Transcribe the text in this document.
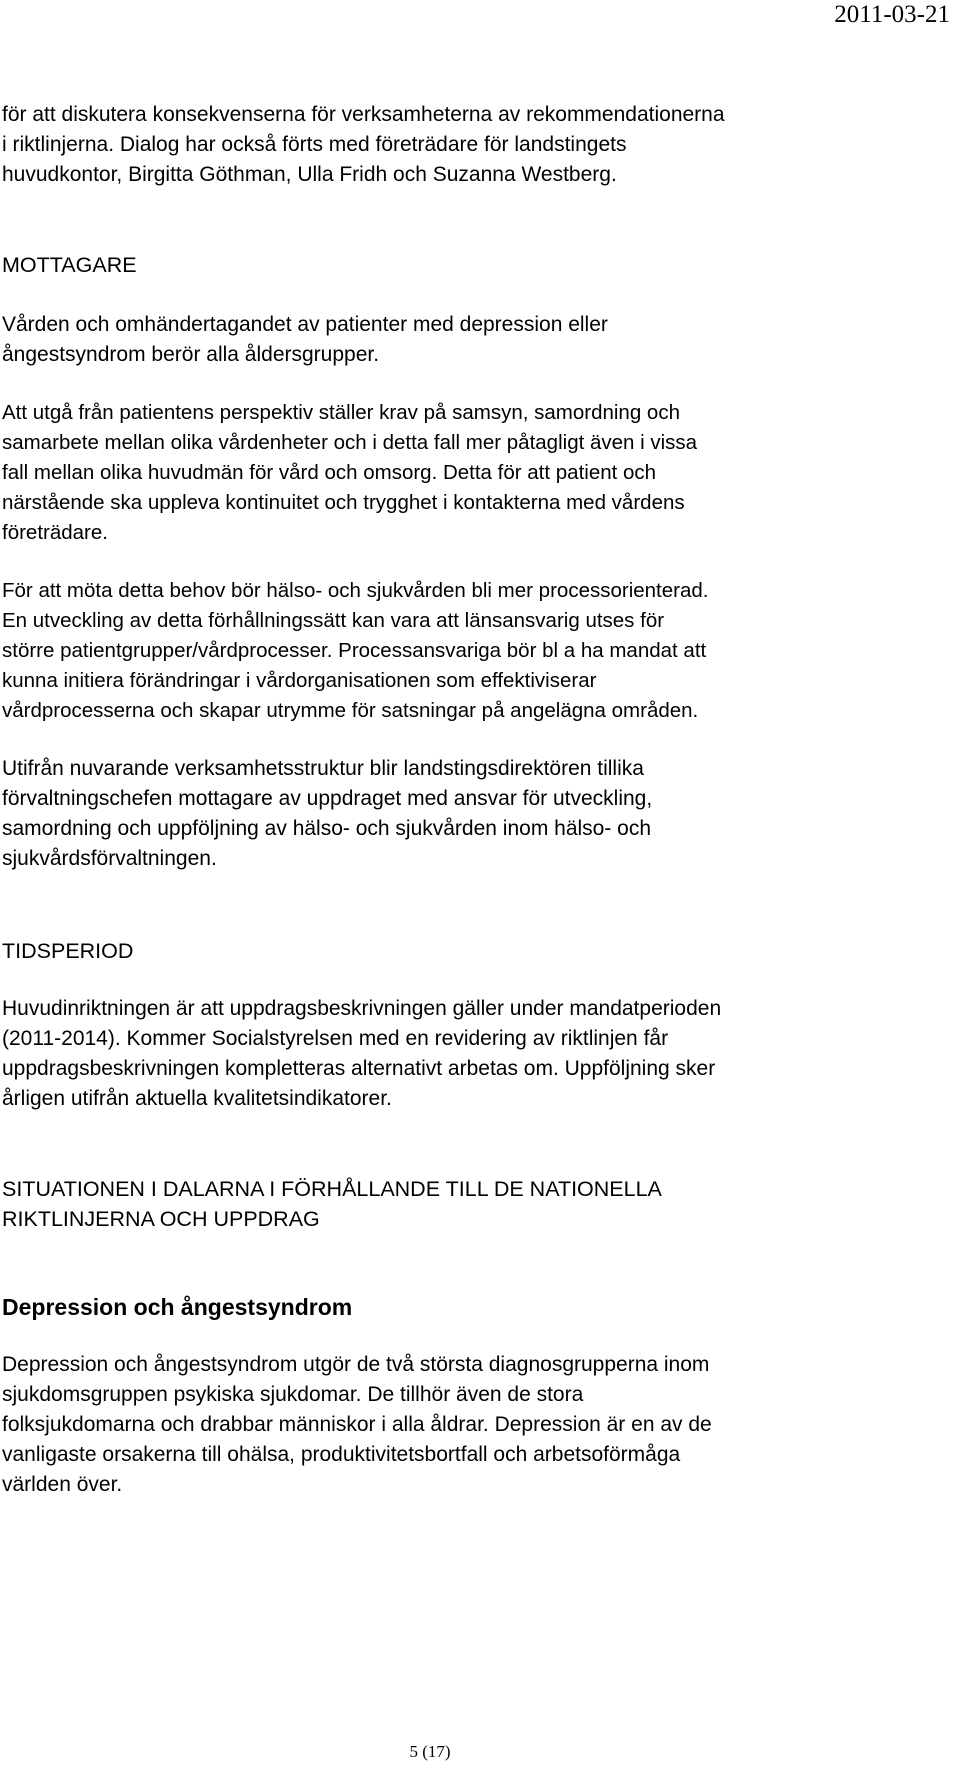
2011-03-21

för att diskutera konsekvenserna för verksamheterna av rekommendationerna
i riktlinjerna. Dialog har också förts med företrädare för landstingets
huvudkontor, Birgitta Göthman, Ulla Fridh och Suzanna Westberg.

MOTTAGARE

Vården och omhändertagandet av patienter med depression eller
ångestsyndrom berör alla åldersgrupper.

Att utgå från patientens perspektiv ställer krav på samsyn, samordning och
samarbete mellan olika vårdenheter och i detta fall mer påtagligt även i vissa
fall mellan olika huvudmän för vård och omsorg. Detta för att patient och
närstående ska uppleva kontinuitet och trygghet i kontakterna med vårdens
företrädare.

För att möta detta behov bör hälso- och sjukvården bli mer processorienterad.
En utveckling av detta förhållningssätt kan vara att länsansvarig utses för
större patientgrupper/vårdprocesser. Processansvariga bör bl a ha mandat att
kunna initiera förändringar i vårdorganisationen som effektiviserar
vårdprocesserna och skapar utrymme för satsningar på angelägna områden.

Utifrån nuvarande verksamhetsstruktur blir landstingsdirektören tillika
förvaltningschefen mottagare av uppdraget med ansvar för utveckling,
samordning och uppföljning av hälso- och sjukvården inom hälso- och
sjukvårdsförvaltningen.

TIDSPERIOD

Huvudinriktningen är att uppdragsbeskrivningen gäller under mandatperioden
(2011-2014). Kommer Socialstyrelsen med en revidering av riktlinjen får
uppdragsbeskrivningen kompletteras alternativt arbetas om. Uppföljning sker
årligen utifrån aktuella kvalitetsindikatorer.

SITUATIONEN I DALARNA I FÖRHÅLLANDE TILL DE NATIONELLA
RIKTLINJERNA OCH UPPDRAG

Depression och ångestsyndrom

Depression och ångestsyndrom utgör de två största diagnosgrupperna inom
sjukdomsgruppen psykiska sjukdomar. De tillhör även de stora
folksjukdomarna och drabbar människor i alla åldrar. Depression är en av de
vanligaste orsakerna till ohälsa, produktivitetsbortfall och arbetsoförmåga
världen över.

5 (17)
